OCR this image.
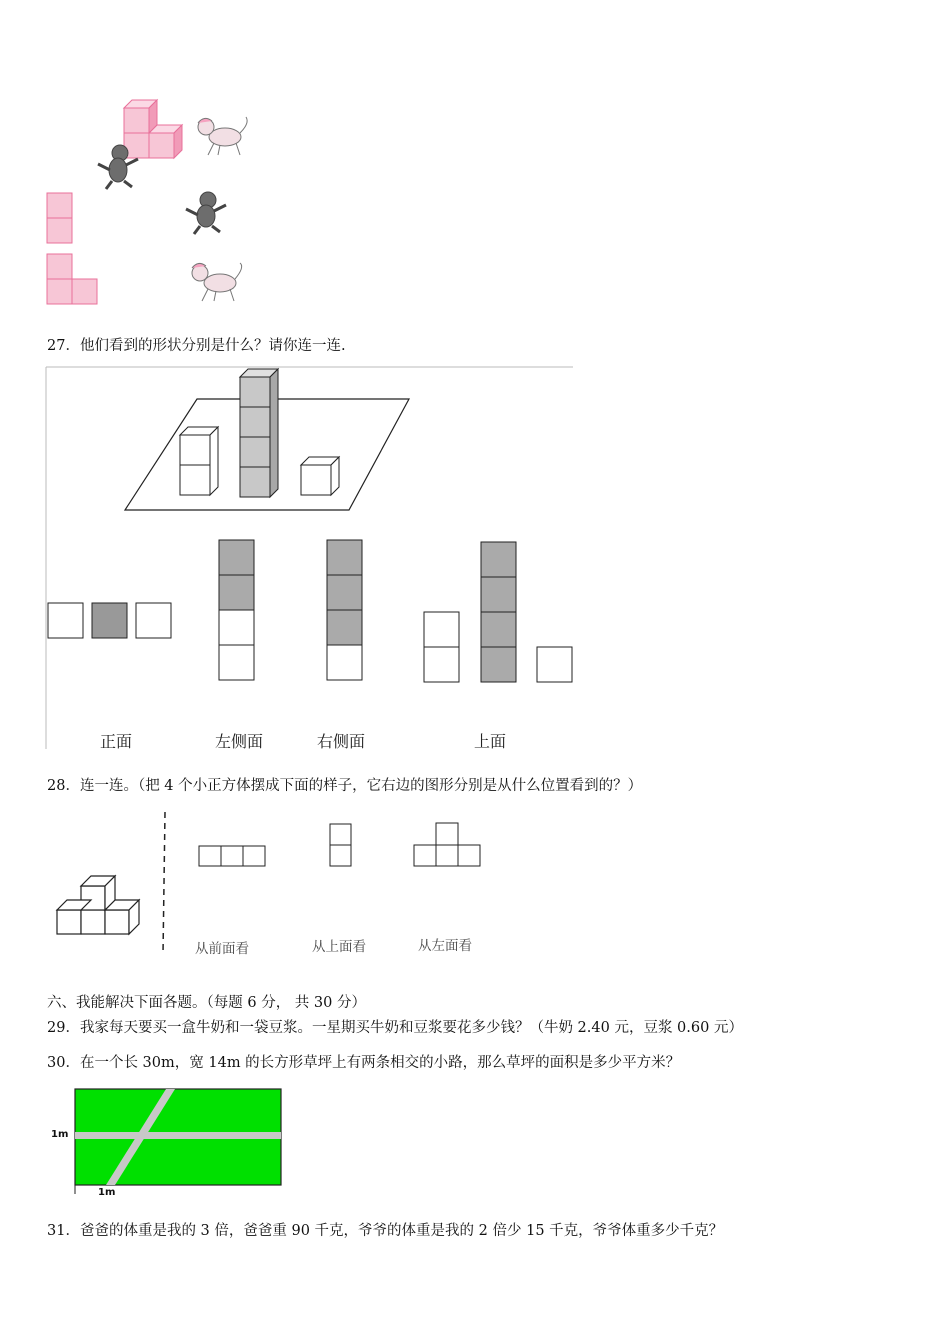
27．他们看到的形状分别是什么？请你连一连.
正面	左侧面	右侧面	上面
28．连一连。（把 4 个小正方体摆成下面的样子，它右边的图形分别是从什么位置看到的？）
从前面看	从上面看	从左面看
六、我能解决下面各题。（每题 6 分， 共 30 分）
29．我家每天要买一盒牛奶和一袋豆浆。一星期买牛奶和豆浆要花多少钱？（牛奶 2.40 元，豆浆 0.60 元）
30．在一个长 30m，宽 14m 的长方形草坪上有两条相交的小路，那么草坪的面积是多少平方米？
1m
1m
31．爸爸的体重是我的 3 倍，爸爸重 90 千克，爷爷的体重是我的 2 倍少 15 千克，爷爷体重多少千克？
